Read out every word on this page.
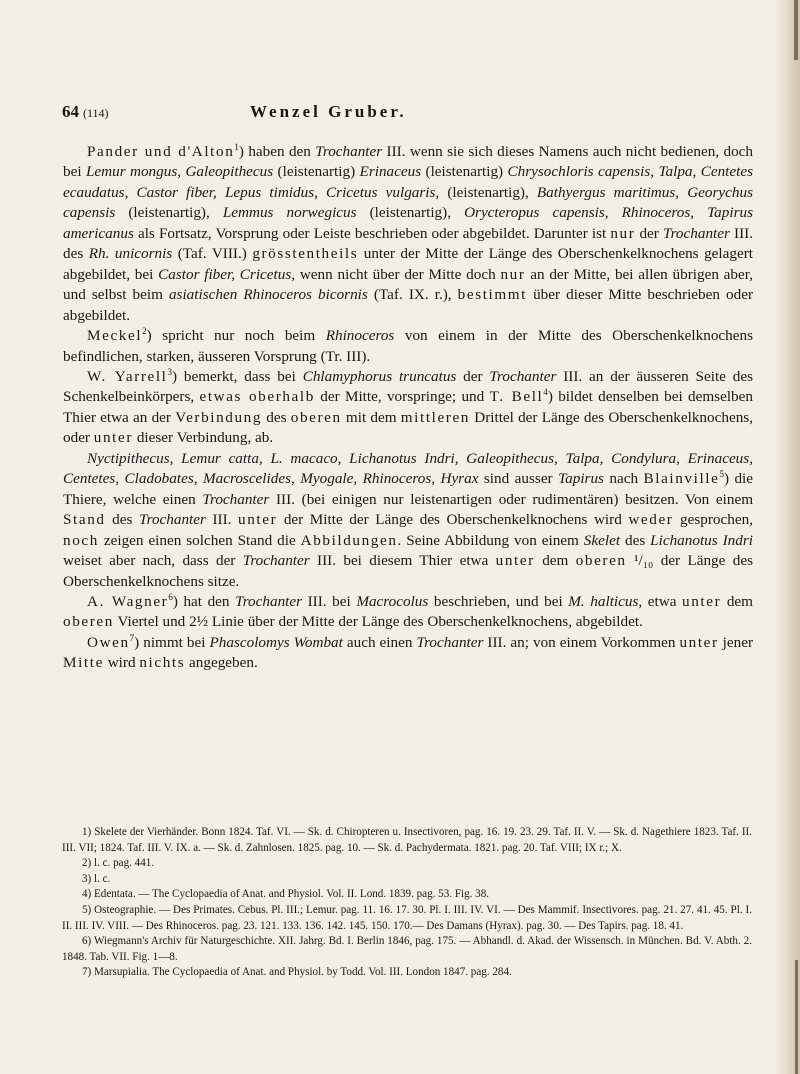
64 (114)	Wenzel Gruber.

Pander und d'Alton$^1$) haben den Trochanter III. wenn sie sich dieses Namens auch nicht bedienen, doch bei Lemur mongus, Galeopithecus (leistenartig) Erinaceus (leistenartig) Chrysochloris capensis, Talpa, Centetes ecaudatus, Castor fiber, Lepus timidus, Cricetus vulgaris, (leistenartig), Bathyergus maritimus, Georychus capensis (leistenartig), Lemmus norwegicus (leistenartig), Orycteropus capensis, Rhinoceros, Tapirus americanus als Fortsatz, Vorsprung oder Leiste beschrieben oder abgebildet. Darunter ist nur der Trochanter III. des Rh. unicornis (Taf. VIII.) grösstentheils unter der Mitte der Länge des Oberschenkelknochens gelagert abgebildet, bei Castor fiber, Cricetus, wenn nicht über der Mitte doch nur an der Mitte, bei allen übrigen aber, und selbst beim asiatischen Rhinoceros bicornis (Taf. IX. r.), bestimmt über dieser Mitte beschrieben oder abgebildet.

Meckel$^2$) spricht nur noch beim Rhinoceros von einem in der Mitte des Oberschenkelknochens befindlichen, starken, äusseren Vorsprung (Tr. III).

W. Yarrell$^3$) bemerkt, dass bei Chlamyphorus truncatus der Trochanter III. an der äusseren Seite des Schenkelbeinkörpers, etwas oberhalb der Mitte, vorspringe; und T. Bell$^4$) bildet denselben bei demselben Thier etwa an der Verbindung des oberen mit dem mittleren Drittel der Länge des Oberschenkelknochens, oder unter dieser Verbindung, ab.

Nyctipithecus, Lemur catta, L. macaco, Lichanotus Indri, Galeopithecus, Talpa, Condylura, Erinaceus, Centetes, Cladobates, Macroscelides, Myogale, Rhinoceros, Hyrax sind ausser Tapirus nach Blainville$^5$) die Thiere, welche einen Trochanter III. (bei einigen nur leistenartigen oder rudimentären) besitzen. Von einem Stand des Trochanter III. unter der Mitte der Länge des Oberschenkelknochens wird weder gesprochen, noch zeigen einen solchen Stand die Abbildungen. Seine Abbildung von einem Skelet des Lichanotus Indri weiset aber nach, dass der Trochanter III. bei diesem Thier etwa unter dem oberen ¹/₁₀ der Länge des Oberschenkelknochens sitze.

A. Wagner$^6$) hat den Trochanter III. bei Macrocolus beschrieben, und bei M. halticus, etwa unter dem oberen Viertel und 2½ Linie über der Mitte der Länge des Oberschenkelknochens, abgebildet.

Owen$^7$) nimmt bei Phascolomys Wombat auch einen Trochanter III. an; von einem Vorkommen unter jener Mitte wird nichts angegeben.

1) Skelete der Vierhänder. Bonn 1824. Taf. VI. — Sk. d. Chiropteren u. Insectivoren, pag. 16. 19. 23. 29. Taf. II. V. — Sk. d. Nagethiere 1823. Taf. II. III. VII; 1824. Taf. III. V. IX. a. — Sk. d. Zahnlosen. 1825. pag. 10. — Sk. d. Pachydermata. 1821. pag. 20. Taf. VIII; IX r.; X.

2) l. c. pag. 441.

3) l. c.

4) Edentata. — The Cyclopaedia of Anat. and Physiol. Vol. II. Lond. 1839. pag. 53. Fig. 38.

5) Osteographie. — Des Primates. Cebus. Pl. III.; Lemur. pag. 11. 16. 17. 30. Pl. I. III. IV. VI. — Des Mammif. Insectivores. pag. 21. 27. 41. 45. Pl. I. II. III. IV. VIII. — Des Rhinoceros. pag. 23. 121. 133. 136. 142. 145. 150. 170.— Des Damans (Hyrax). pag. 30. — Des Tapirs. pag. 18. 41.

6) Wiegmann's Archiv für Naturgeschichte. XII. Jahrg. Bd. I. Berlin 1846, pag. 175. — Abhandl. d. Akad. der Wissensch. in München. Bd. V. Abth. 2. 1848. Tab. VII. Fig. 1—8.

7) Marsupialia. The Cyclopaedia of Anat. and Physiol. by Todd. Vol. III. London 1847. pag. 284.
